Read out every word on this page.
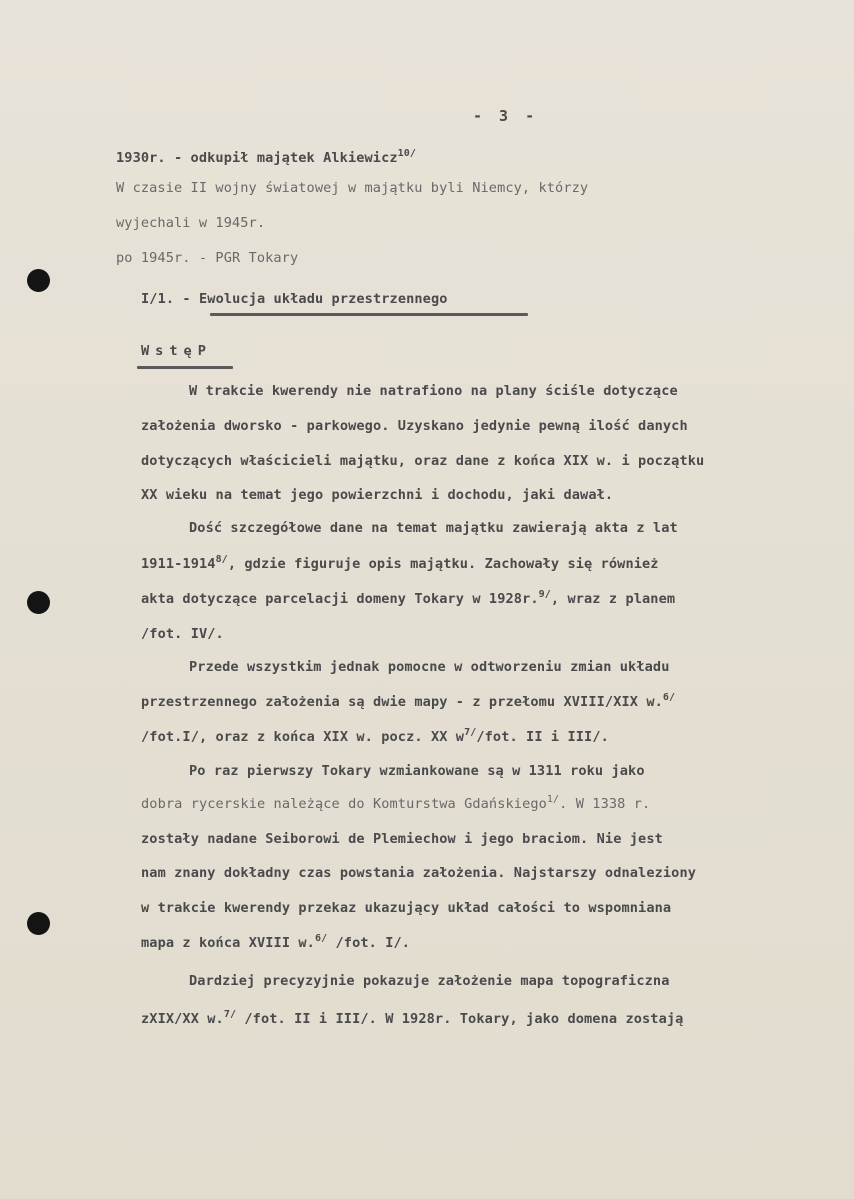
- 3 -
1930r. - odkupił majątek Alkiewicz$^{10/}$
W czasie II wojny światowej w majątku byli Niemcy, którzy
wyjechali w 1945r.
po 1945r. - PGR Tokary
I/1. - Ewolucja układu przestrzennego
WstęP
W trakcie kwerendy nie natrafiono na plany ściśle dotyczące
założenia dworsko - parkowego. Uzyskano jedynie pewną ilość danych
dotyczących właścicieli majątku, oraz dane z końca XIX w. i początku
XX wieku na temat jego powierzchni i dochodu, jaki dawał.
Dość szczegółowe dane na temat majątku zawierają akta z lat
$1911-1914^{8/}$, gdzie figuruje opis majątku. Zachowały się również
akta dotyczące parcelacji domeny Tokary w 1928r.$^{9/}$, wraz z planem
/fot. IV/.
Przede wszystkim jednak pomocne w odtworzeniu zmian układu
przestrzennego założenia są dwie mapy - z przełomu XVIII/XIX w.$^{6/}$
/fot.I/, oraz z końca XIX w. pocz. XX $w^{7/}$/fot. II i III/.
Po raz pierwszy Tokary wzmiankowane są w 1311 roku jako
dobra rycerskie należące do Komturstwa Gdańskiego$^{1/}$. W 1338 r.
zostały nadane Seiborowi de Plemiechow i jego braciom. Nie jest
nam znany dokładny czas powstania założenia. Najstarszy odnaleziony
w trakcie kwerendy przekaz ukazujący układ całości to wspomniana
mapa z końca XVIII w.$^{6/}$ /fot. I/.
Dardziej precyzyjnie pokazuje założenie mapa topograficzna
zXIX/XX w.$^{7/}$ /fot. II i III/. W 1928r. Tokary, jako domena zostają
